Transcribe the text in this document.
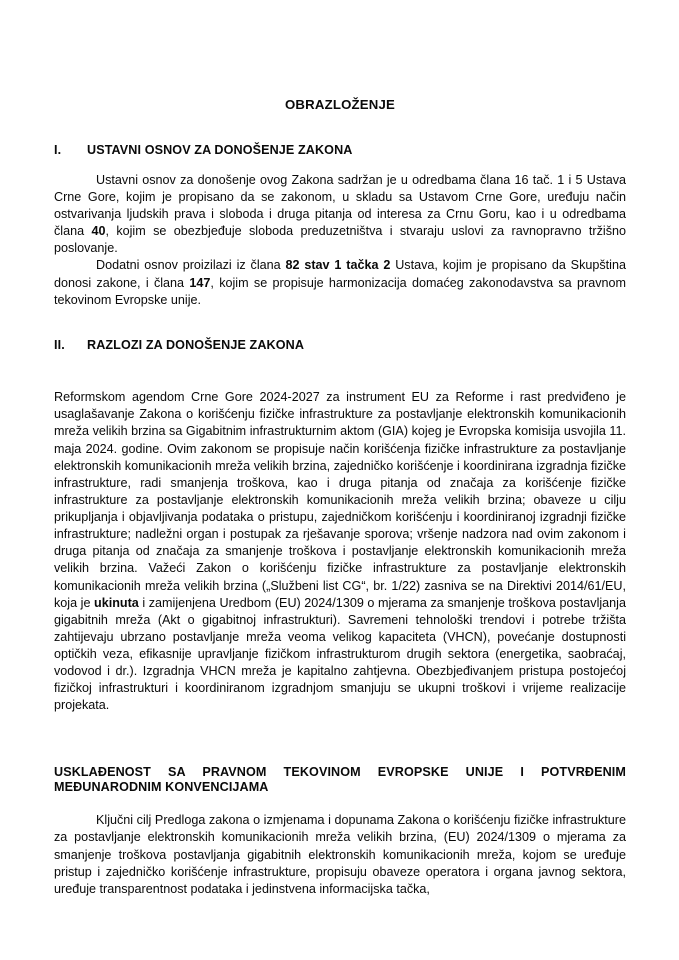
OBRAZLOŽENJE
I.	USTAVNI OSNOV ZA DONOŠENJE ZAKONA

Ustavni osnov za donošenje ovog Zakona sadržan je u odredbama člana 16 tač. 1 i 5 Ustava Crne Gore, kojim je propisano da se zakonom, u skladu sa Ustavom Crne Gore, uređuju način ostvarivanja ljudskih prava i sloboda i druga pitanja od interesa za Crnu Goru, kao i u odredbama člana 40, kojim se obezbjeđuje sloboda preduzetništva i stvaraju uslovi za ravnopravno tržišno poslovanje.

Dodatni osnov proizilazi iz člana 82 stav 1 tačka 2 Ustava, kojim je propisano da Skupština donosi zakone, i člana 147, kojim se propisuje harmonizacija domaćeg zakonodavstva sa pravnom tekovinom Evropske unije.

II.	RAZLOZI ZA DONOŠENJE ZAKONA

Reformskom agendom Crne Gore 2024-2027 za instrument EU za Reforme i rast predviđeno je usaglašavanje Zakona o korišćenju fizičke infrastrukture za postavljanje elektronskih komunikacionih mreža velikih brzina sa Gigabitnim infrastrukturnim aktom (GIA) kojeg je Evropska komisija usvojila 11. maja 2024. godine. Ovim zakonom se propisuje način korišćenja fizičke infrastrukture za postavljanje elektronskih komunikacionih mreža velikih brzina, zajedničko korišćenje i koordinirana izgradnja fizičke infrastrukture, radi smanjenja troškova, kao i druga pitanja od značaja za korišćenje fizičke infrastrukture za postavljanje elektronskih komunikacionih mreža velikih brzina; obaveze u cilju prikupljanja i objavljivanja podataka o pristupu, zajedničkom korišćenju i koordiniranoj izgradnji fizičke infrastrukture; nadležni organ i postupak za rješavanje sporova; vršenje nadzora nad ovim zakonom i druga pitanja od značaja za smanjenje troškova i postavljanje elektronskih komunikacionih mreža velikih brzina. Važeći Zakon o korišćenju fizičke infrastrukture za postavljanje elektronskih komunikacionih mreža velikih brzina („Službeni list CG“, br. 1/22) zasniva se na Direktivi 2014/61/EU, koja je ukinuta i zamijenjena Uredbom (EU) 2024/1309 o mjerama za smanjenje troškova postavljanja gigabitnih mreža (Akt o gigabitnoj infrastrukturi). Savremeni tehnološki trendovi i potrebe tržišta zahtijevaju ubrzano postavljanje mreža veoma velikog kapaciteta (VHCN), povećanje dostupnosti optičkih veza, efikasnije upravljanje fizičkom infrastrukturom drugih sektora (energetika, saobraćaj, vodovod i dr.). Izgradnja VHCN mreža je kapitalno zahtjevna. Obezbjeđivanjem pristupa postojećoj fizičkoj infrastrukturi i koordiniranom izgradnjom smanjuju se ukupni troškovi i vrijeme realizacije projekata.

USKLAĐENOST SA PRAVNOM TEKOVINOM EVROPSKE UNIJE I POTVRĐENIM MEĐUNARODNIM KONVENCIJAMA

Ključni cilj Predloga zakona o izmjenama i dopunama Zakona o korišćenju fizičke infrastrukture za postavljanje elektronskih komunikacionih mreža velikih brzina, (EU) 2024/1309 o mjerama za smanjenje troškova postavljanja gigabitnih elektronskih komunikacionih mreža, kojom se uređuje pristup i zajedničko korišćenje infrastrukture, propisuju obaveze operatora i organa javnog sektora, uređuje transparentnost podataka i jedinstvena informacijska tačka,
